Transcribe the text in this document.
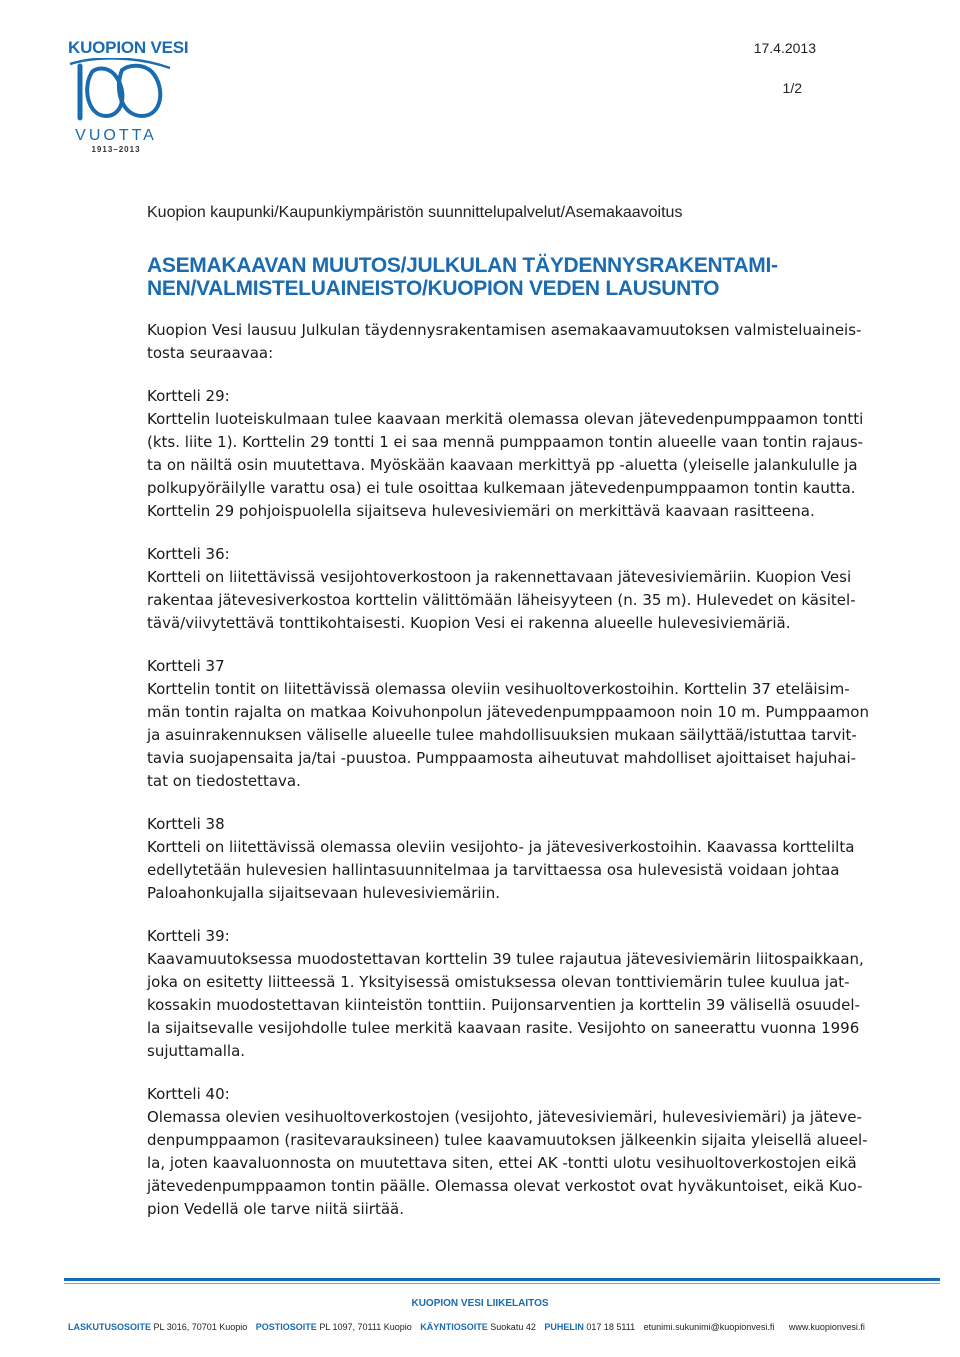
KUOPION VESI
VUOTTA
1913–2013
17.4.2013
1/2

Kuopion kaupunki/Kaupunkiympäristön suunnittelupalvelut/Asemakaavoitus

ASEMAKAAVAN MUUTOS/JULKULAN TÄYDENNYSRAKENTAMI-
NEN/VALMISTELUAINEISTO/KUOPION VEDEN LAUSUNTO
Kuopion Vesi lausuu Julkulan täydennysrakentamisen asemakaavamuutoksen valmisteluaineis-
tosta seuraavaa:
Kortteli 29:
Korttelin luoteiskulmaan tulee kaavaan merkitä olemassa olevan jätevedenpumppaamon tontti
(kts. liite 1). Korttelin 29 tontti 1 ei saa mennä pumppaamon tontin alueelle vaan tontin rajaus-
ta on näiltä osin muutettava. Myöskään kaavaan merkittyä pp -aluetta (yleiselle jalankululle ja
polkupyöräilylle varattu osa) ei tule osoittaa kulkemaan jätevedenpumppaamon tontin kautta.
Korttelin 29 pohjoispuolella sijaitseva hulevesiviemäri on merkittävä kaavaan rasitteena.
Kortteli 36:
Kortteli on liitettävissä vesijohtoverkostoon ja rakennettavaan jätevesiviemäriin. Kuopion Vesi
rakentaa jätevesiverkostoa korttelin välittömään läheisyyteen (n. 35 m). Hulevedet on käsitel-
tävä/viivytettävä tonttikohtaisesti. Kuopion Vesi ei rakenna alueelle hulevesiviemäriä.
Kortteli 37
Korttelin tontit on liitettävissä olemassa oleviin vesihuoltoverkostoihin. Korttelin 37 eteläisim-
män tontin rajalta on matkaa Koivuhonpolun jätevedenpumppaamoon noin 10 m. Pumppaamon
ja asuinrakennuksen väliselle alueelle tulee mahdollisuuksien mukaan säilyttää/istuttaa tarvit-
tavia suojapensaita ja/tai -puustoa. Pumppaamosta aiheutuvat mahdolliset ajoittaiset hajuhai-
tat on tiedostettava.
Kortteli 38
Kortteli on liitettävissä olemassa oleviin vesijohto- ja jätevesiverkostoihin. Kaavassa korttelilta
edellytetään hulevesien hallintasuunnitelmaa ja tarvittaessa osa hulevesistä voidaan johtaa
Paloahonkujalla sijaitsevaan hulevesiviemäriin.
Kortteli 39:
Kaavamuutoksessa muodostettavan korttelin 39 tulee rajautua jätevesiviemärin liitospaikkaan,
joka on esitetty liitteessä 1. Yksityisessä omistuksessa olevan tonttiviemärin tulee kuulua jat-
kossakin muodostettavan kiinteistön tonttiin. Puijonsarventien ja korttelin 39 välisellä osuudel-
la sijaitsevalle vesijohdolle tulee merkitä kaavaan rasite. Vesijohto on saneerattu vuonna 1996
sujuttamalla.
Kortteli 40:
Olemassa olevien vesihuoltoverkostojen (vesijohto, jätevesiviemäri, hulevesiviemäri) ja jäteve-
denpumppaamon (rasitevarauksineen) tulee kaavamuutoksen jälkeenkin sijaita yleisellä alueel-
la, joten kaavaluonnosta on muutettava siten, ettei AK -tontti ulotu vesihuoltoverkostojen eikä
jätevedenpumppaamon tontin päälle. Olemassa olevat verkostot ovat hyväkuntoiset, eikä Kuo-
pion Vedellä ole tarve niitä siirtää.
KUOPION VESI LIIKELAITOS
LASKUTUSOSOITE PL 3016, 70701 Kuopio POSTIOSOITE PL 1097, 70111 Kuopio KÄYNTIOSOITE Suokatu 42 PUHELIN 017 18 5111 etunimi.sukunimi@kuopionvesi.fi www.kuopionvesi.fi
